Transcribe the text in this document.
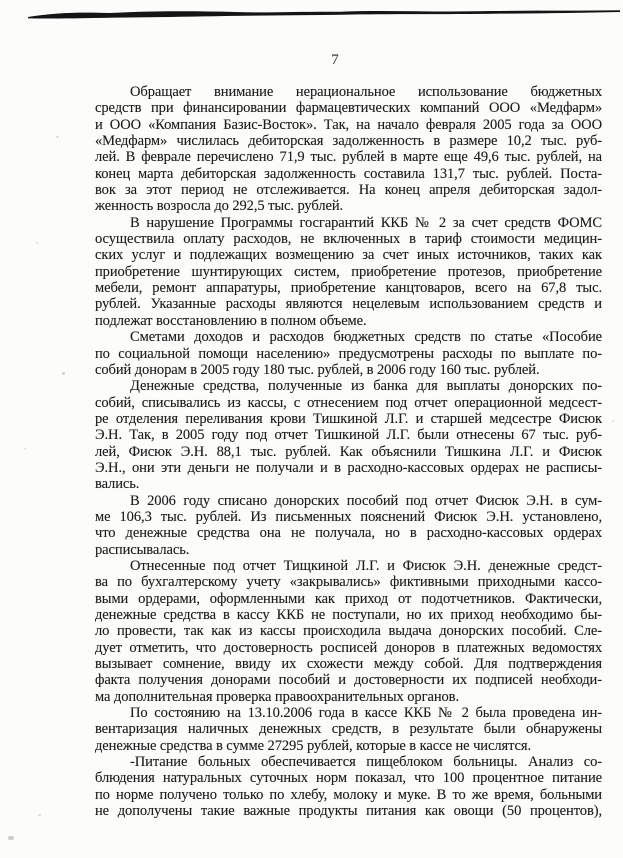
7
Обращает внимание нерациональное использование бюджетных
средств при финансировании фармацевтических компаний ООО «Медфарм»
и ООО «Компания Базис-Восток». Так, на начало февраля 2005 года за ООО
«Медфарм» числилась дебиторская задолженность в размере 10,2 тыс. руб-
лей. В феврале перечислено 71,9 тыс. рублей в марте еще 49,6 тыс. рублей, на
конец марта дебиторская задолженность составила 131,7 тыс. рублей. Поста-
вок за этот период не отслеживается. На конец апреля дебиторская задол-
женность возросла до 292,5 тыс. рублей.
В нарушение Программы госгарантий ККБ № 2 за счет средств ФОМС
осуществила оплату расходов, не включенных в тариф стоимости медицин-
ских услуг и подлежащих возмещению за счет иных источников, таких как
приобретение шунтирующих систем, приобретение протезов, приобретение
мебели, ремонт аппаратуры, приобретение канцтоваров, всего на 67,8 тыс.
рублей. Указанные расходы являются нецелевым использованием средств и
подлежат восстановлению в полном объеме.
Сметами доходов и расходов бюджетных средств по статье «Пособие
по социальной помощи населению» предусмотрены расходы по выплате по-
собий донорам в 2005 году 180 тыс. рублей, в 2006 году 160 тыс. рублей.
Денежные средства, полученные из банка для выплаты донорских по-
собий, списывались из кассы, с отнесением под отчет операционной медсест-
ре отделения переливания крови Тишкиной Л.Г. и старшей медсестре Фисюк
Э.Н. Так, в 2005 году под отчет Тишкиной Л.Г. были отнесены 67 тыс. руб-
лей, Фисюк Э.Н. 88,1 тыс. рублей. Как объяснили Тишкина Л.Г. и Фисюк
Э.Н., они эти деньги не получали и в расходно-кассовых ордерах не расписы-
вались.
В 2006 году списано донорских пособий под отчет Фисюк Э.Н. в сум-
ме 106,3 тыс. рублей. Из письменных пояснений Фисюк Э.Н. установлено,
что денежные средства она не получала, но в расходно-кассовых ордерах
расписывалась.
Отнесенные под отчет Тищкиной Л.Г. и Фисюк Э.Н. денежные средст-
ва по бухгалтерскому учету «закрывались» фиктивными приходными кассо-
выми ордерами, оформленными как приход от подотчетников. Фактически,
денежные средства в кассу ККБ не поступали, но их приход необходимо бы-
ло провести, так как из кассы происходила выдача донорских пособий. Сле-
дует отметить, что достоверность росписей доноров в платежных ведомостях
вызывает сомнение, ввиду их схожести между собой. Для подтверждения
факта получения донорами пособий и достоверности их подписей необходи-
ма дополнительная проверка правоохранительных органов.
По состоянию на 13.10.2006 года в кассе ККБ № 2 была проведена ин-
вентаризация наличных денежных средств, в результате были обнаружены
денежные средства в сумме 27295 рублей, которые в кассе не числятся.
-Питание больных обеспечивается пищеблоком больницы. Анализ со-
блюдения натуральных суточных норм показал, что 100 процентное питание
по норме получено только по хлебу, молоку и муке. В то же время, больными
не дополучены такие важные продукты питания как овощи (50 процентов),
